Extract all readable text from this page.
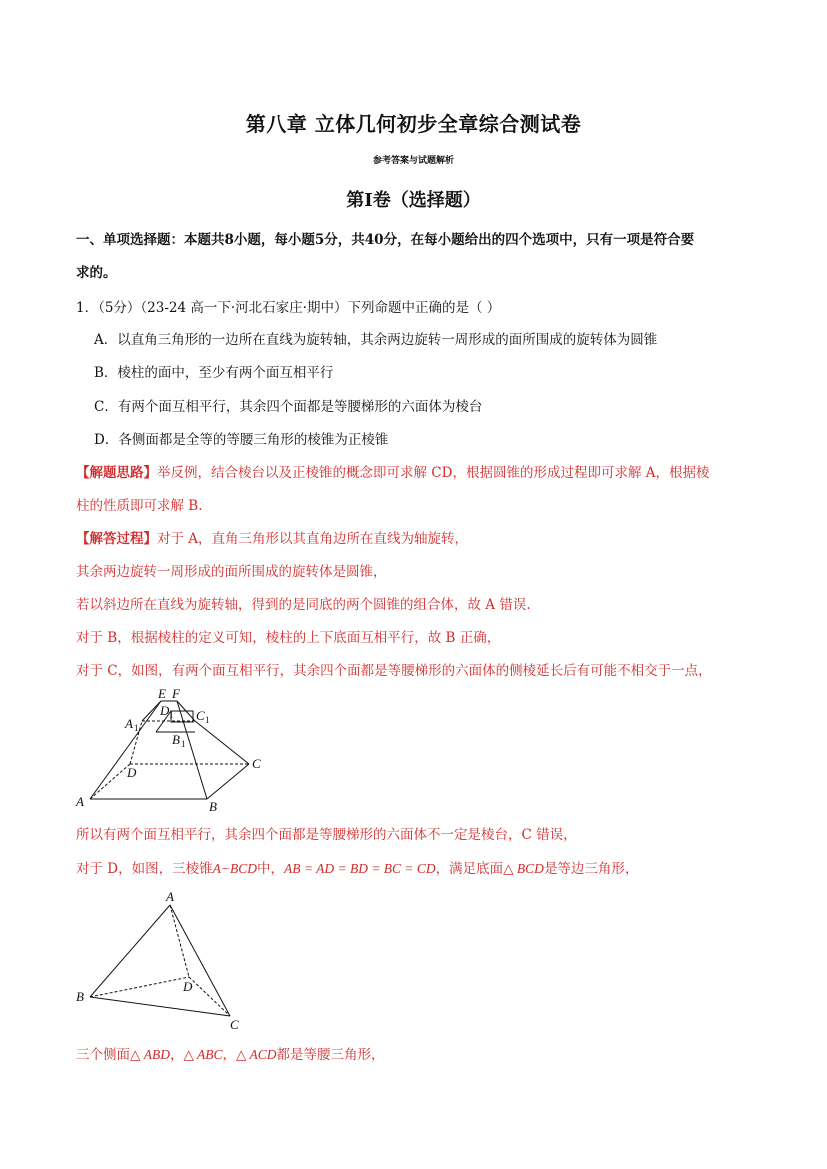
第八章 立体几何初步全章综合测试卷
参考答案与试题解析
第Ⅰ卷（选择题）
一、单项选择题：本题共8小题，每小题5分，共40分，在每小题给出的四个选项中，只有一项是符合要
求的。
1．（5分）（23-24 高一下·河北石家庄·期中）下列命题中正确的是（ ）
A．以直角三角形的一边所在直线为旋转轴，其余两边旋转一周形成的面所围成的旋转体为圆锥
B．棱柱的面中，至少有两个面互相平行
C．有两个面互相平行，其余四个面都是等腰梯形的六面体为棱台
D．各侧面都是全等的等腰三角形的棱锥为正棱锥
【解题思路】举反例，结合棱台以及正棱锥的概念即可求解 CD，根据圆锥的形成过程即可求解 A，根据棱
柱的性质即可求解 B.
【解答过程】对于 A，直角三角形以其直角边所在直线为轴旋转，
其余两边旋转一周形成的面所围成的旋转体是圆锥，
若以斜边所在直线为旋转轴，得到的是同底的两个圆锥的组合体，故 A 错误.
对于 B，根据棱柱的定义可知，棱柱的上下底面互相平行，故 B 正确，
对于 C，如图，有两个面互相平行，其余四个面都是等腰梯形的六面体的侧棱延长后有可能不相交于一点，
E F
D 1 C 1
A 1
B 1
D
C
A	B
所以有两个面互相平行，其余四个面都是等腰梯形的六面体不一定是棱台，C 错误，
对于 D，如图，三棱锥A−BCD中，AB = AD = BD = BC = CD，满足底面△ BCD是等边三角形，
A
B
C
D
三个侧面△ ABD，△ ABC，△ ACD都是等腰三角形，
